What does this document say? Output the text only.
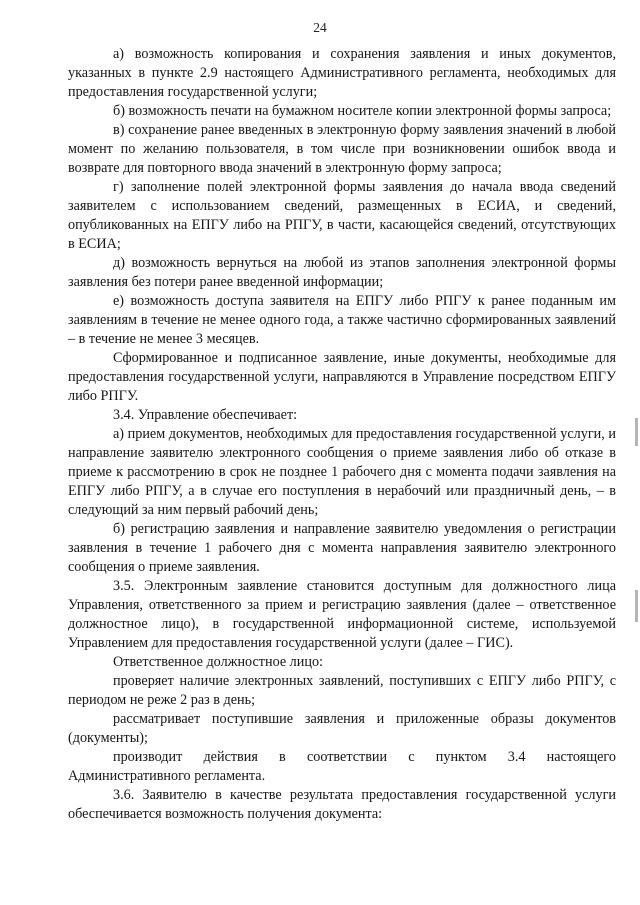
24

а) возможность копирования и сохранения заявления и иных документов, указанных в пункте 2.9 настоящего Административного регламента, необходимых для предоставления государственной услуги;

б) возможность печати на бумажном носителе копии электронной формы запроса;

в) сохранение ранее введенных в электронную форму заявления значений в любой момент по желанию пользователя, в том числе при возникновении ошибок ввода и возврате для повторного ввода значений в электронную форму запроса;

г) заполнение полей электронной формы заявления до начала ввода сведений заявителем с использованием сведений, размещенных в ЕСИА, и сведений, опубликованных на ЕПГУ либо на РПГУ, в части, касающейся сведений, отсутствующих в ЕСИА;

д) возможность вернуться на любой из этапов заполнения электронной формы заявления без потери ранее введенной информации;

е) возможность доступа заявителя на ЕПГУ либо РПГУ к ранее поданным им заявлениям в течение не менее одного года, а также частично сформированных заявлений – в течение не менее 3 месяцев.

Сформированное и подписанное заявление, иные документы, необходимые для предоставления государственной услуги, направляются в Управление посредством ЕПГУ либо РПГУ.

3.4. Управление обеспечивает:

а) прием документов, необходимых для предоставления государственной услуги, и направление заявителю электронного сообщения о приеме заявления либо об отказе в приеме к рассмотрению в срок не позднее 1 рабочего дня с момента подачи заявления на ЕПГУ либо РПГУ, а в случае его поступления в нерабочий или праздничный день, – в следующий за ним первый рабочий день;

б) регистрацию заявления и направление заявителю уведомления о регистрации заявления в течение 1 рабочего дня с момента направления заявителю электронного сообщения о приеме заявления.

3.5. Электронным заявление становится доступным для должностного лица Управления, ответственного за прием и регистрацию заявления (далее – ответственное должностное лицо), в государственной информационной системе, используемой Управлением для предоставления государственной услуги (далее – ГИС).

Ответственное должностное лицо:

проверяет наличие электронных заявлений, поступивших с ЕПГУ либо РПГУ, с периодом не реже 2 раз в день;

рассматривает поступившие заявления и приложенные образы документов (документы);

производит действия в соответствии с пунктом 3.4 настоящего Административного регламента.

3.6. Заявителю в качестве результата предоставления государственной услуги обеспечивается возможность получения документа:
